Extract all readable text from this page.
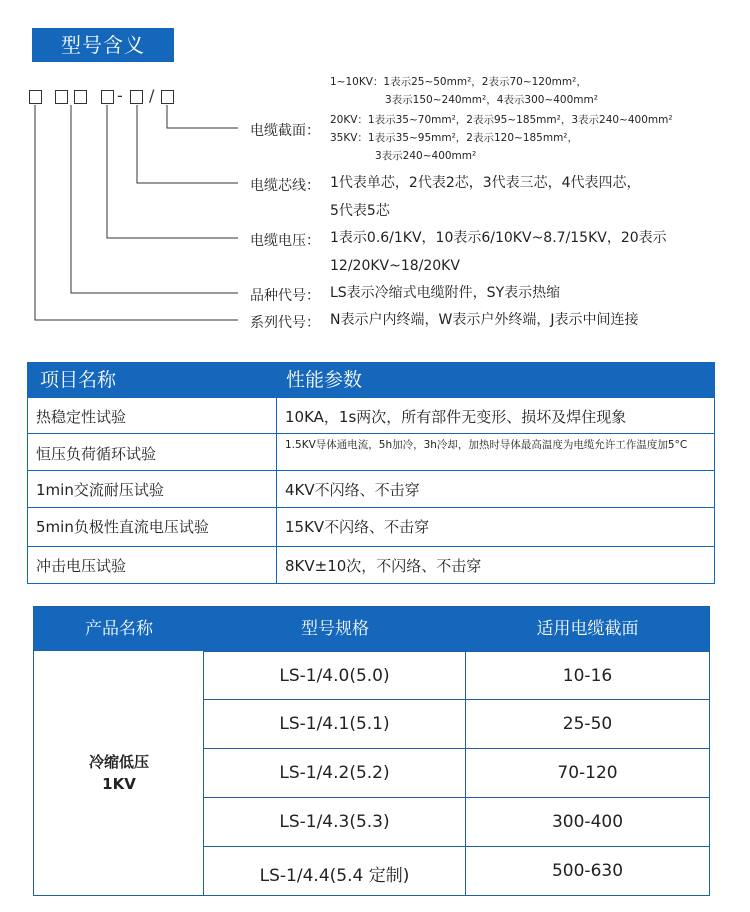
型号含义
- /
电缆截面：
1~10KV：1表示25~50mm²，2表示70~120mm²，
3表示150~240mm²，4表示300~400mm²
20KV：1表示35~70mm²，2表示95~185mm²，3表示240~400mm²
35KV：1表示35~95mm²，2表示120~185mm²，
3表示240~400mm²
电缆芯线： 1代表单芯，2代表2芯，3代表三芯，4代表四芯，
5代表5芯
电缆电压： 1表示0.6/1KV，10表示6/10KV~8.7/15KV，20表示
12/20KV~18/20KV
品种代号： LS表示冷缩式电缆附件，SY表示热缩
系列代号： N表示户内终端，W表示户外终端，J表示中间连接
项目名称	性能参数
热稳定性试验	10KA，1s两次，所有部件无变形、损坏及焊住现象
恒压负荷循环试验	1.5KV导体通电流，5h加冷，3h冷却，加热时导体最高温度为电缆允许工作温度加5°C
1min交流耐压试验	4KV不闪络、不击穿
5min负极性直流电压试验	15KV不闪络、不击穿
冲击电压试验	8KV±10次，不闪络、不击穿
产品名称	型号规格	适用电缆截面
冷缩低压
1KV
LS-1/4.0(5.0)	10-16
LS-1/4.1(5.1)	25-50
LS-1/4.2(5.2)	70-120
LS-1/4.3(5.3)	300-400
LS-1/4.4(5.4 定制)	500-630
